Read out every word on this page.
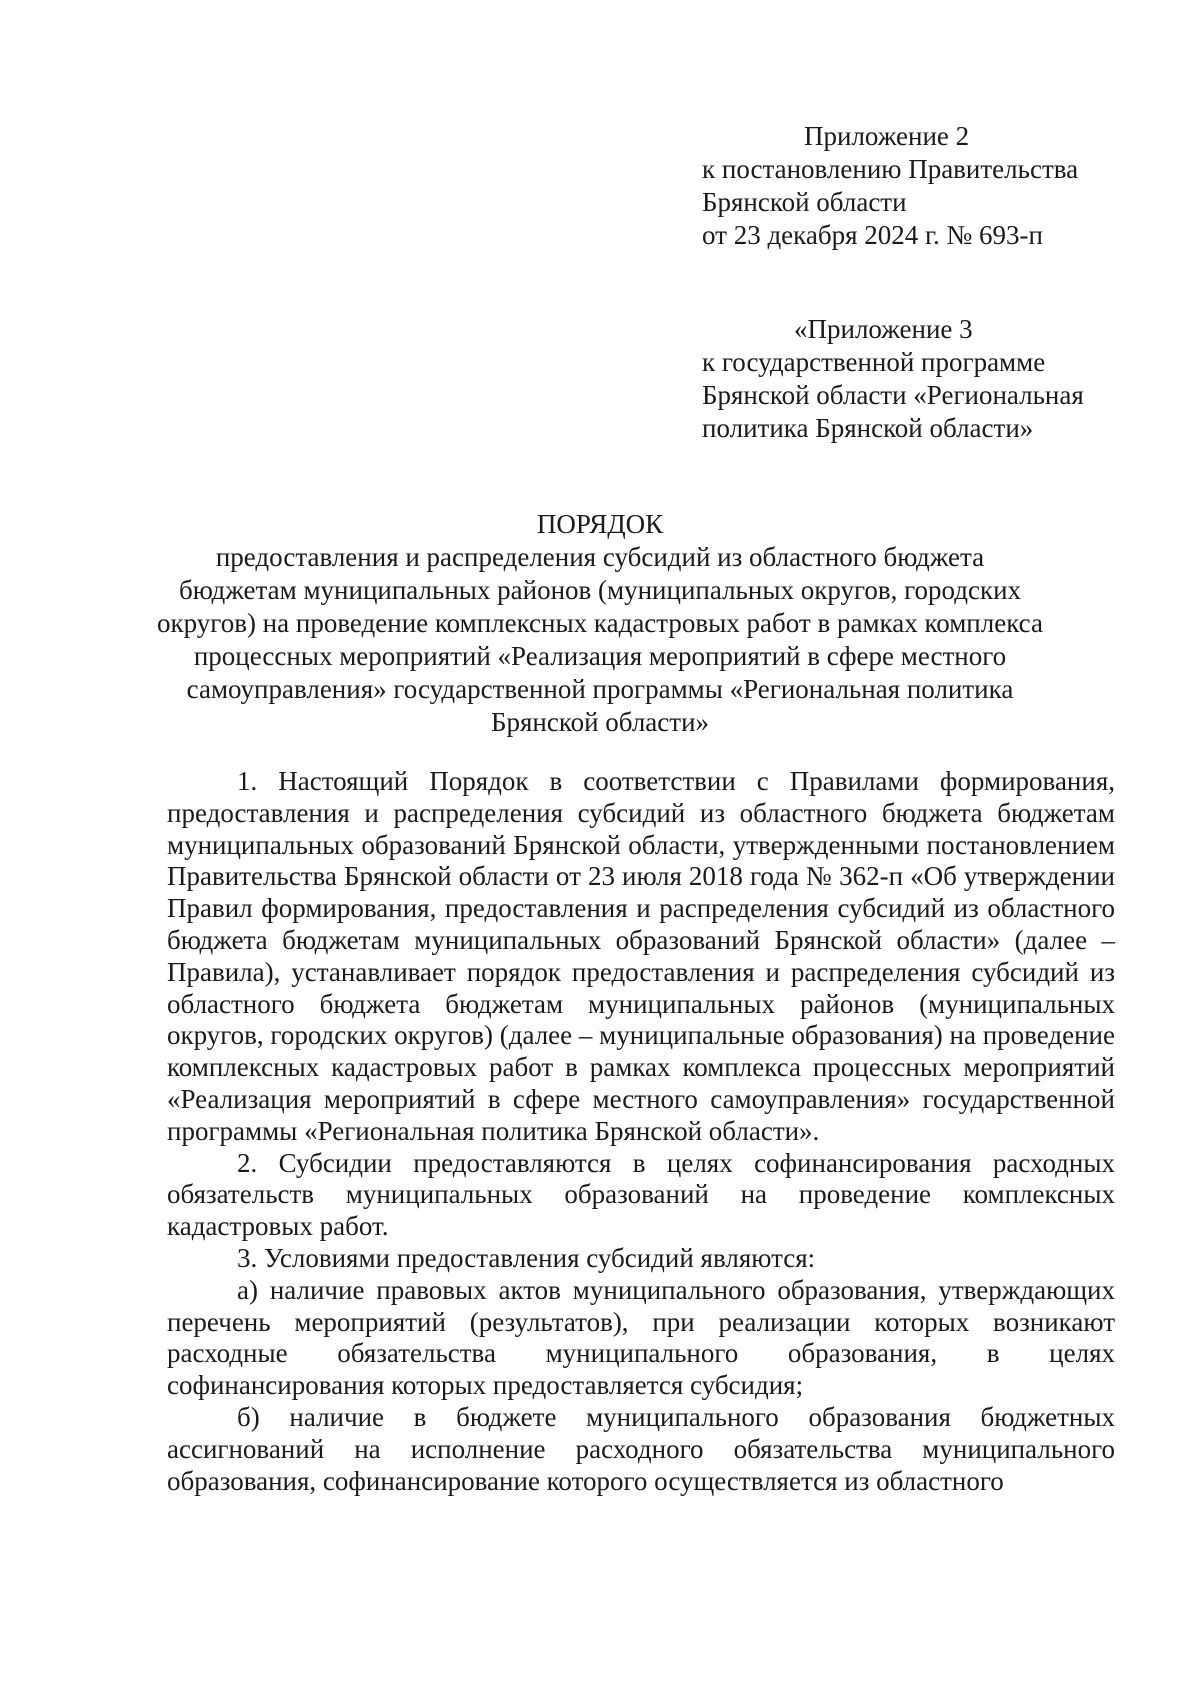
Приложение 2
к постановлению Правительства
Брянской области
от 23 декабря 2024 г. № 693-п
«Приложение 3
к государственной программе
Брянской области «Региональная
политика Брянской области»
ПОРЯДОК
предоставления и распределения субсидий из областного бюджета
бюджетам муниципальных районов (муниципальных округов, городских
округов) на проведение комплексных кадастровых работ в рамках комплекса
процессных мероприятий «Реализация мероприятий в сфере местного
самоуправления» государственной программы «Региональная политика
Брянской области»

1. Настоящий Порядок в соответствии с Правилами формирования, предоставления и распределения субсидий из областного бюджета бюджетам муниципальных образований Брянской области, утвержденными постановлением Правительства Брянской области от 23 июля 2018 года № 362-п «Об утверждении Правил формирования, предоставления и распределения субсидий из областного бюджета бюджетам муниципальных образований Брянской области» (далее – Правила), устанавливает порядок предоставления и распределения субсидий из областного бюджета бюджетам муниципальных районов (муниципальных округов, городских округов) (далее – муниципальные образования) на проведение комплексных кадастровых работ в рамках комплекса процессных мероприятий «Реализация мероприятий в сфере местного самоуправления» государственной программы «Региональная политика Брянской области».

2. Субсидии предоставляются в целях софинансирования расходных обязательств муниципальных образований на проведение комплексных кадастровых работ.

3. Условиями предоставления субсидий являются:

а) наличие правовых актов муниципального образования, утверждающих перечень мероприятий (результатов), при реализации которых возникают расходные обязательства муниципального образования, в целях софинансирования которых предоставляется субсидия;

б) наличие в бюджете муниципального образования бюджетных ассигнований на исполнение расходного обязательства муниципального образования, софинансирование которого осуществляется из областного
